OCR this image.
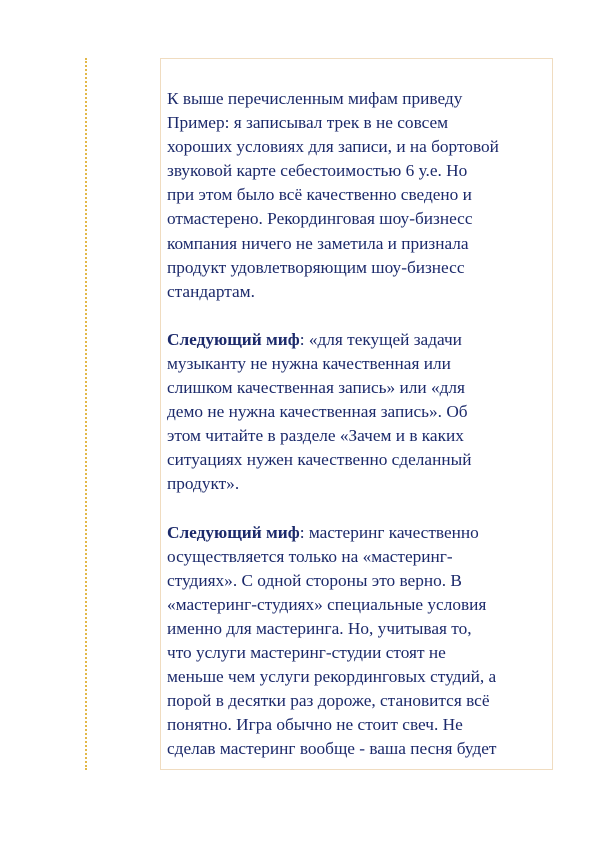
К выше перечисленным мифам приведу
Пример: я записывал трек в не совсем
хороших условиях для записи, и на бортовой
звуковой карте себестоимостью 6 у.е. Но
при этом было всё качественно сведено и
отмастерено. Рекординговая шоу-бизнесс
компания ничего не заметила и признала
продукт удовлетворяющим шоу-бизнесс
стандартам.

Следующий миф: «для текущей задачи
музыканту не нужна качественная или
слишком качественная запись» или «для
демо не нужна качественная запись». Об
этом читайте в разделе «Зачем и в каких
ситуациях нужен качественно сделанный
продукт».

Следующий миф: мастеринг качественно
осуществляется только на «мастеринг-
студиях». С одной стороны это верно. В
«мастеринг-студиях» специальные условия
именно для мастеринга. Но, учитывая то,
что услуги мастеринг-студии стоят не
меньше чем услуги рекординговых студий, а
порой в десятки раз дороже, становится всё
понятно. Игра обычно не стоит свеч. Не
сделав мастеринг вообще - ваша песня будет
